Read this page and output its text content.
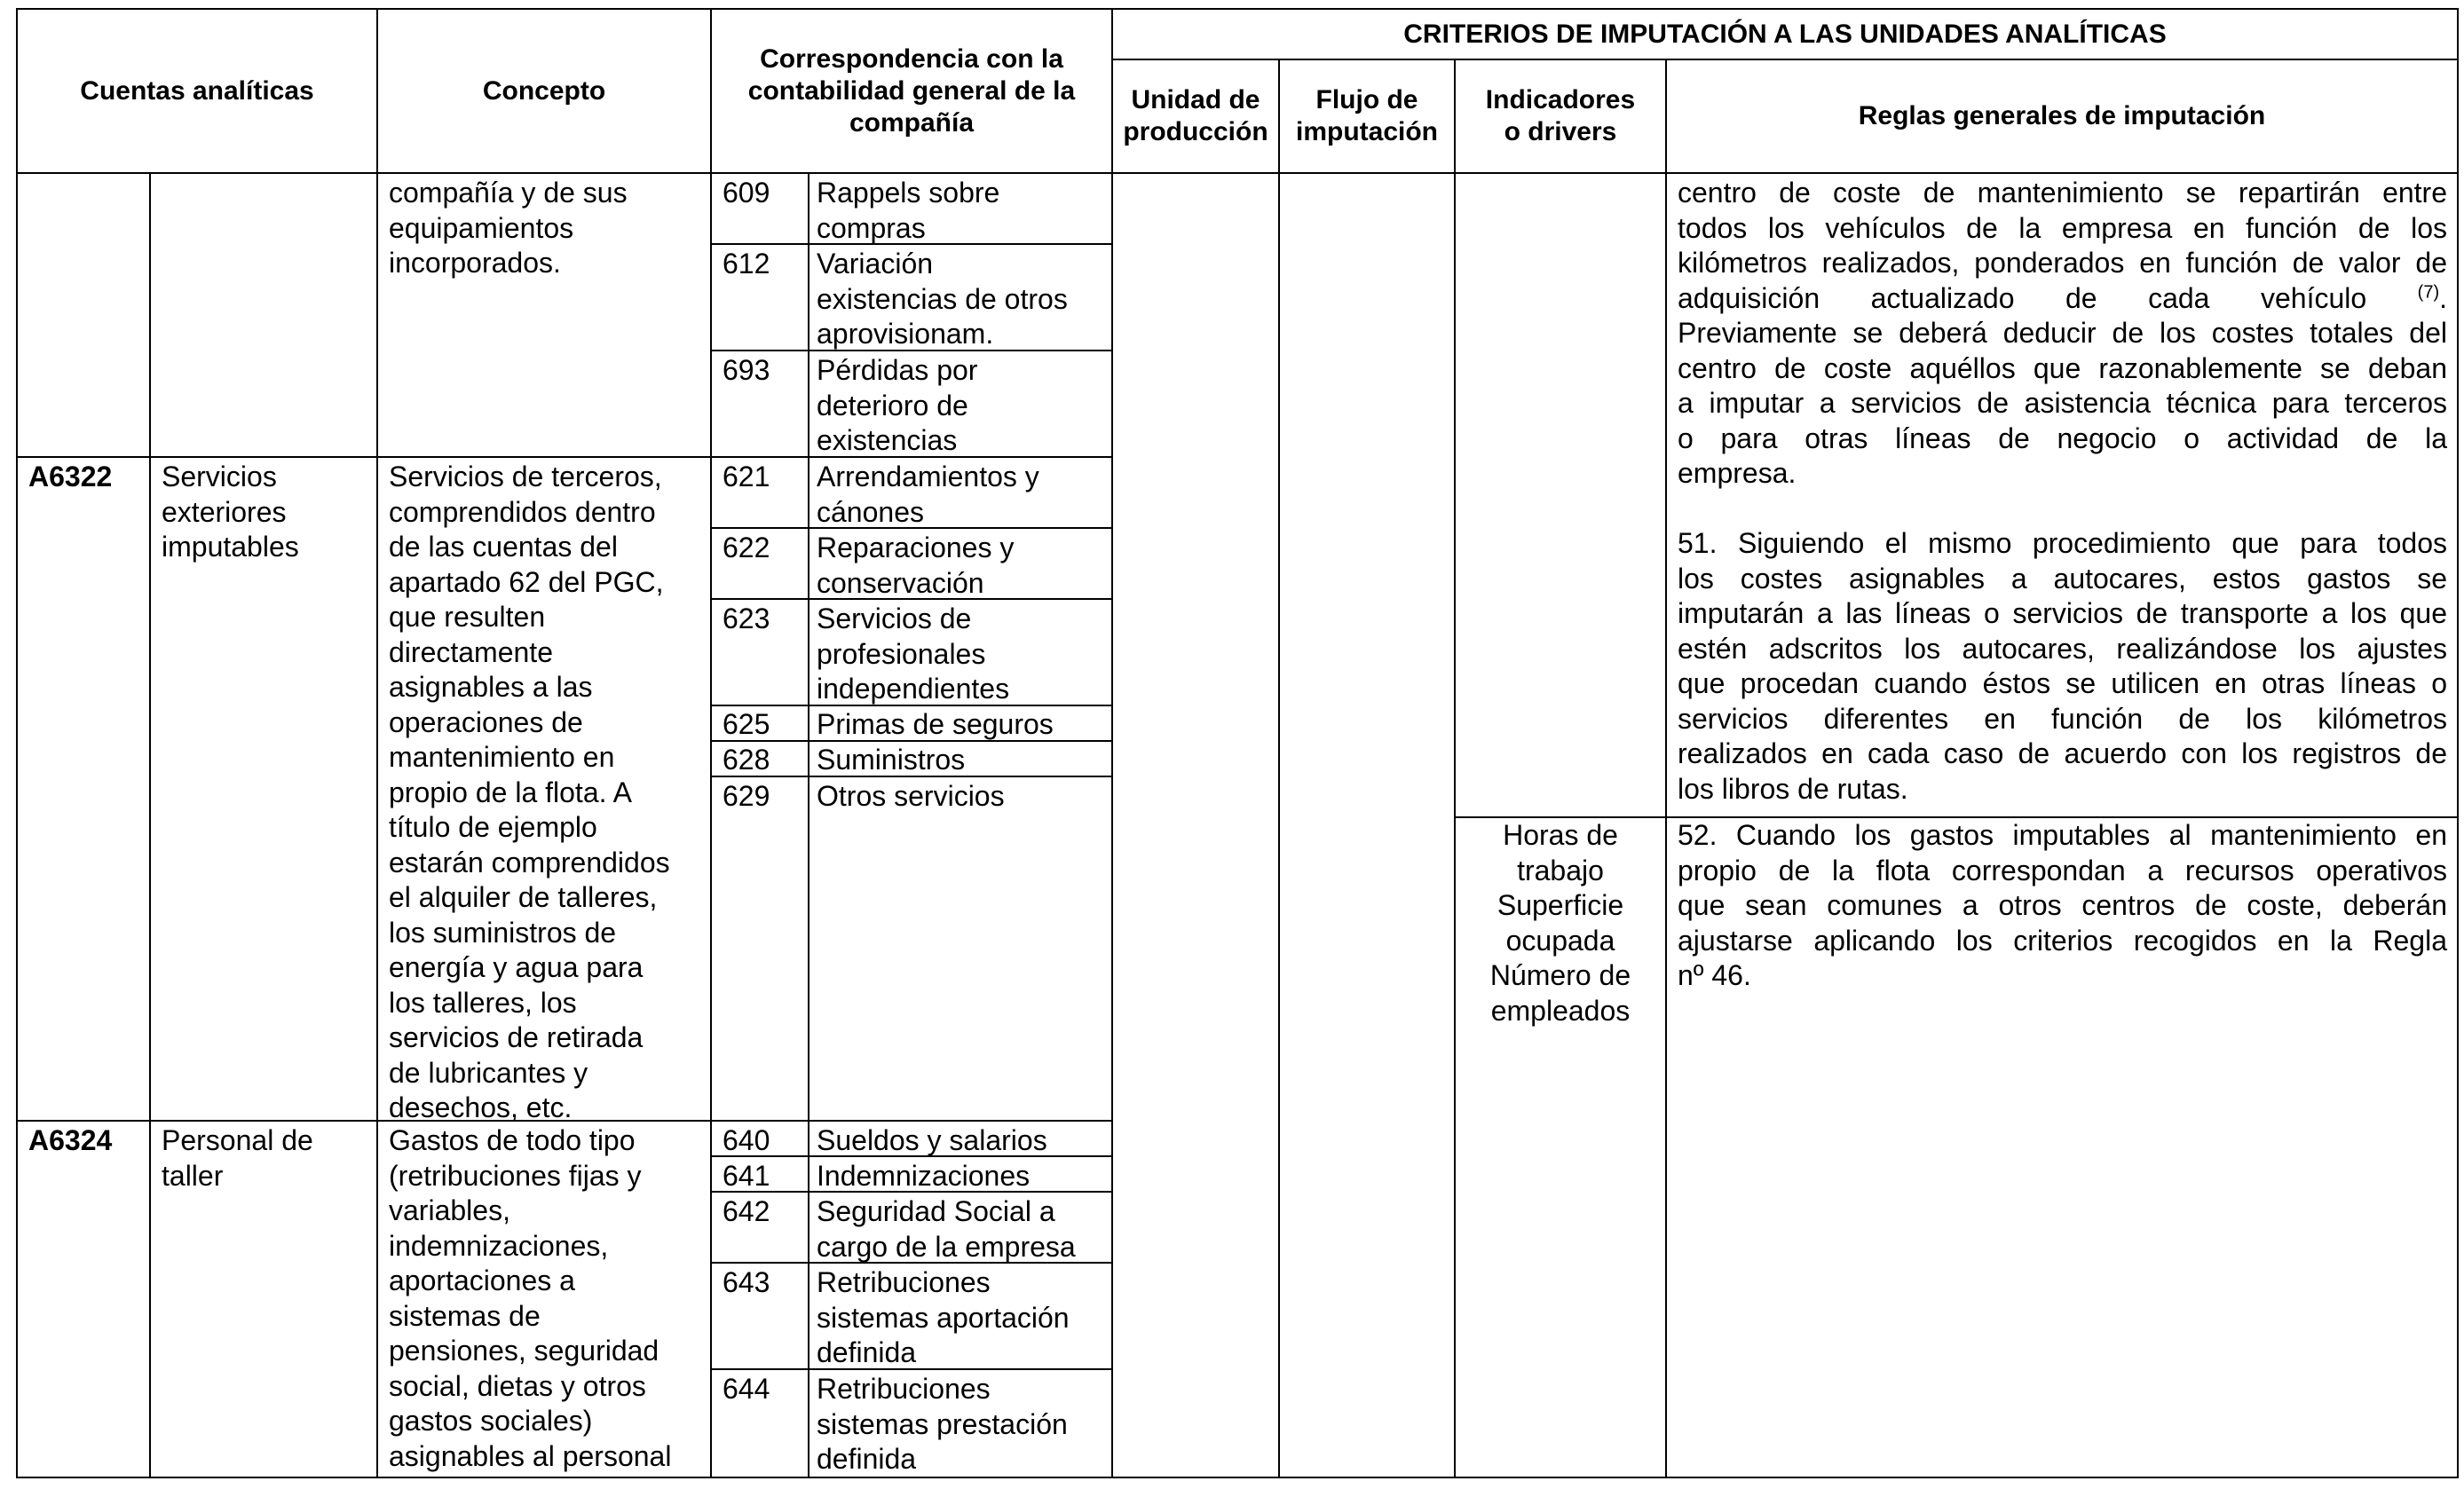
Cuentas analíticas	Concepto
Correspondencia con la
contabilidad general de la
compañía
CRITERIOS DE IMPUTACIÓN A LAS UNIDADES ANALÍTICAS
Unidad de
producción
Flujo de
imputación
Indicadores
o drivers
Reglas generales de imputación
compañía y de sus
equipamientos
incorporados.
609 Rappels sobre
compras
612 Variación
existencias de otros
aprovisionam.
693 Pérdidas por
deterioro de
existencias
A6322 Servicios
exteriores
imputables
Servicios de terceros,
comprendidos dentro
de las cuentas del
apartado 62 del PGC,
que resulten
directamente
asignables a las
operaciones de
mantenimiento en
propio de la flota. A
título de ejemplo
estarán comprendidos
el alquiler de talleres,
los suministros de
energía y agua para
los talleres, los
servicios de retirada
de lubricantes y
desechos, etc.
621 Arrendamientos y
cánones
622 Reparaciones y
conservación
623 Servicios de
profesionales
independientes
625 Primas de seguros
628 Suministros
629 Otros servicios
A6324 Personal de
taller
Gastos de todo tipo
(retribuciones fijas y
variables,
indemnizaciones,
aportaciones a
sistemas de
pensiones, seguridad
social, dietas y otros
gastos sociales)
asignables al personal
640 Sueldos y salarios
641 Indemnizaciones
642 Seguridad Social a
cargo de la empresa
643 Retribuciones
sistemas aportación
definida
644 Retribuciones
sistemas prestación
definida
Horas de
trabajo
Superficie
ocupada
Número de
empleados
centro de coste de mantenimiento se repartirán entre
todos los vehículos de la empresa en función de los
kilómetros realizados, ponderados en función de valor de
adquisición actualizado de cada vehículo	$^{(7)}$.
Previamente se deberá deducir de los costes totales del
centro de coste aquéllos que razonablemente se deban
a imputar a servicios de asistencia técnica para terceros
o para otras líneas de negocio o actividad de la
empresa.
51. Siguiendo el mismo procedimiento que para todos
los costes asignables a autocares, estos gastos se
imputarán a las líneas o servicios de transporte a los que
estén adscritos los autocares, realizándose los ajustes
que procedan cuando éstos se utilicen en otras líneas o
servicios diferentes en función de los kilómetros
realizados en cada caso de acuerdo con los registros de
los libros de rutas.
52. Cuando los gastos imputables al mantenimiento en
propio de la flota correspondan a recursos operativos
que sean comunes a otros centros de coste, deberán
ajustarse aplicando los criterios recogidos en la Regla
nº 46.
